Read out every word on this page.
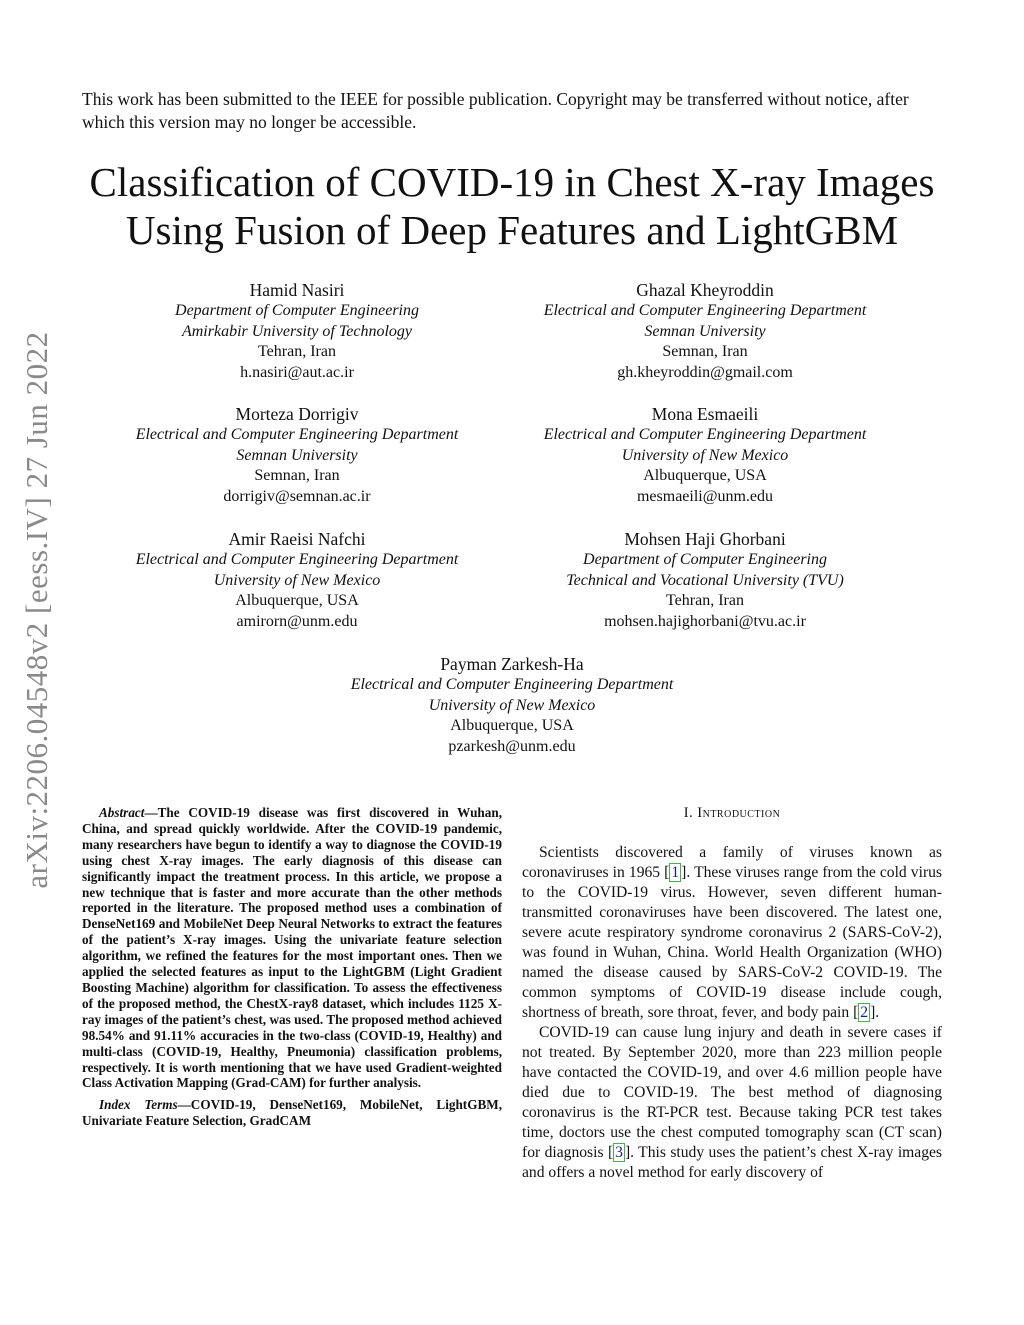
This work has been submitted to the IEEE for possible publication. Copyright may be transferred without notice, after which this version may no longer be accessible.
arXiv:2206.04548v2 [eess.IV] 27 Jun 2022
Classification of COVID-19 in Chest X-ray Images
Using Fusion of Deep Features and LightGBM
Hamid Nasiri
Department of Computer Engineering
Amirkabir University of Technology
Tehran, Iran
h.nasiri@aut.ac.ir
Ghazal Kheyroddin
Electrical and Computer Engineering Department
Semnan University
Semnan, Iran
gh.kheyroddin@gmail.com
Morteza Dorrigiv
Electrical and Computer Engineering Department
Semnan University
Semnan, Iran
dorrigiv@semnan.ac.ir
Mona Esmaeili
Electrical and Computer Engineering Department
University of New Mexico
Albuquerque, USA
mesmaeili@unm.edu
Amir Raeisi Nafchi
Electrical and Computer Engineering Department
University of New Mexico
Albuquerque, USA
amirorn@unm.edu
Mohsen Haji Ghorbani
Department of Computer Engineering
Technical and Vocational University (TVU)
Tehran, Iran
mohsen.hajighorbani@tvu.ac.ir
Payman Zarkesh-Ha
Electrical and Computer Engineering Department
University of New Mexico
Albuquerque, USA
pzarkesh@unm.edu

Abstract—The COVID-19 disease was first discovered in Wuhan, China, and spread quickly worldwide. After the COVID-19 pandemic, many researchers have begun to identify a way to diagnose the COVID-19 using chest X-ray images. The early diagnosis of this disease can significantly impact the treatment process. In this article, we propose a new technique that is faster and more accurate than the other methods reported in the literature. The proposed method uses a combination of DenseNet169 and MobileNet Deep Neural Networks to extract the features of the patient’s X-ray images. Using the univariate feature selection algorithm, we refined the features for the most important ones. Then we applied the selected features as input to the LightGBM (Light Gradient Boosting Machine) algorithm for classification. To assess the effectiveness of the proposed method, the ChestX-ray8 dataset, which includes 1125 X-ray images of the patient’s chest, was used. The proposed method achieved 98.54% and 91.11% accuracies in the two-class (COVID-19, Healthy) and multi-class (COVID-19, Healthy, Pneumonia) classification problems, respectively. It is worth mentioning that we have used Gradient-weighted Class Activation Mapping (Grad-CAM) for further analysis.

Index Terms—COVID-19, DenseNet169, MobileNet, LightGBM, Univariate Feature Selection, GradCAM

I. Introduction

Scientists discovered a family of viruses known as coronaviruses in 1965 [ 1 ]. These viruses range from the cold virus to the COVID-19 virus. However, seven different human-transmitted coronaviruses have been discovered. The latest one, severe acute respiratory syndrome coronavirus 2 (SARS-CoV-2), was found in Wuhan, China. World Health Organization (WHO) named the disease caused by SARS-CoV-2 COVID-19. The common symptoms of COVID-19 disease include cough, shortness of breath, sore throat, fever, and body pain [ 2 ].

COVID-19 can cause lung injury and death in severe cases if not treated. By September 2020, more than 223 million people have contacted the COVID-19, and over 4.6 million people have died due to COVID-19. The best method of diagnosing coronavirus is the RT-PCR test. Because taking PCR test takes time, doctors use the chest computed tomography scan (CT scan) for diagnosis [ 3 ]. This study uses the patient’s chest X-ray images and offers a novel method for early discovery of
